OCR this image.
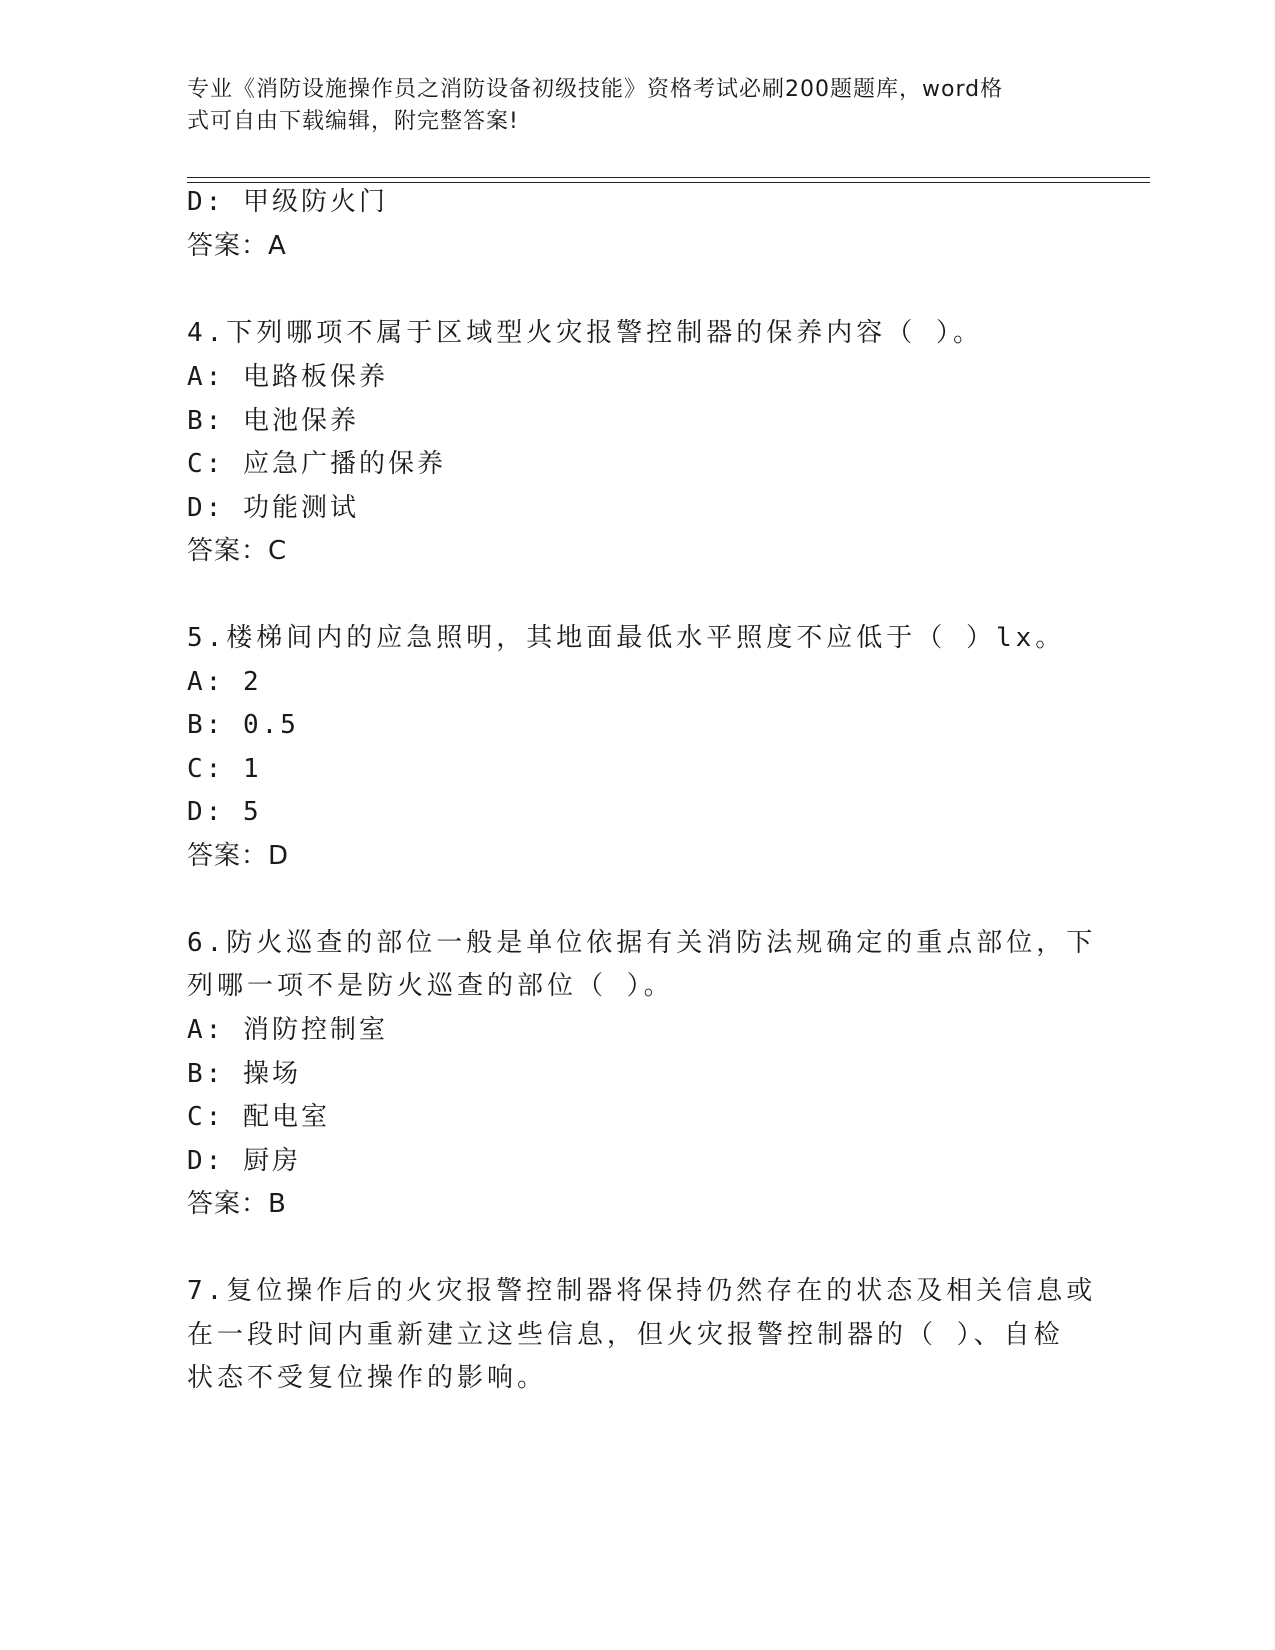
专业《消防设施操作员之消防设备初级技能》资格考试必刷200题题库，word格
式可自由下载编辑，附完整答案!
D: 甲级防火门
答案：A
4.下列哪项不属于区域型火灾报警控制器的保养内容（ ）。
A: 电路板保养
B: 电池保养
C: 应急广播的保养
D: 功能测试
答案：C
5.楼梯间内的应急照明，其地面最低水平照度不应低于（ ）lx。
A: 2
B: 0.5
C: 1
D: 5
答案：D
6.防火巡查的部位一般是单位依据有关消防法规确定的重点部位，下
列哪一项不是防火巡查的部位（ ）。
A: 消防控制室
B: 操场
C: 配电室
D: 厨房
答案：B
7.复位操作后的火灾报警控制器将保持仍然存在的状态及相关信息或
在一段时间内重新建立这些信息，但火灾报警控制器的（ ）、自检
状态不受复位操作的影响。
